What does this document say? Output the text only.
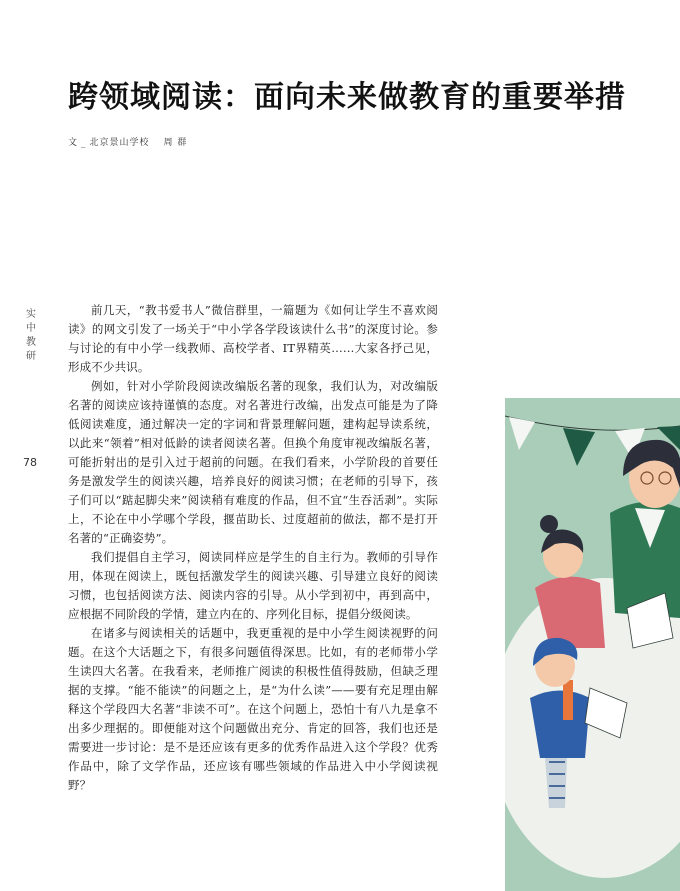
跨领域阅读：面向未来做教育的重要举措
文 _ 北京景山学校 周 群
实中教研
78

前几天，“教书爱书人”微信群里，一篇题为《如何让学生不喜欢阅读》的网文引发了一场关于“中小学各学段该读什么书”的深度讨论。参与讨论的有中小学一线教师、高校学者、IT界精英……大家各抒己见，形成不少共识。

例如，针对小学阶段阅读改编版名著的现象，我们认为，对改编版名著的阅读应该持谨慎的态度。对名著进行改编，出发点可能是为了降低阅读难度，通过解决一定的字词和背景理解问题，建构起导读系统，以此来“领着”相对低龄的读者阅读名著。但换个角度审视改编版名著，可能折射出的是引入过于超前的问题。在我们看来，小学阶段的首要任务是激发学生的阅读兴趣，培养良好的阅读习惯；在老师的引导下，孩子们可以“踮起脚尖来”阅读稍有难度的作品，但不宜“生吞活剥”。实际上，不论在中小学哪个学段，揠苗助长、过度超前的做法，都不是打开名著的“正确姿势”。

我们提倡自主学习，阅读同样应是学生的自主行为。教师的引导作用，体现在阅读上，既包括激发学生的阅读兴趣、引导建立良好的阅读习惯，也包括阅读方法、阅读内容的引导。从小学到初中，再到高中，应根据不同阶段的学情，建立内在的、序列化目标，提倡分级阅读。

在诸多与阅读相关的话题中，我更重视的是中小学生阅读视野的问题。在这个大话题之下，有很多问题值得深思。比如，有的老师带小学生读四大名著。在我看来，老师推广阅读的积极性值得鼓励，但缺乏理据的支撑。“能不能读”的问题之上，是“为什么读”——要有充足理由解释这个学段四大名著“非读不可”。在这个问题上，恐怕十有八九是拿不出多少理据的。即便能对这个问题做出充分、肯定的回答，我们也还是需要进一步讨论：是不是还应该有更多的优秀作品进入这个学段？优秀作品中，除了文学作品，还应该有哪些领域的作品进入中小学阅读视野？
